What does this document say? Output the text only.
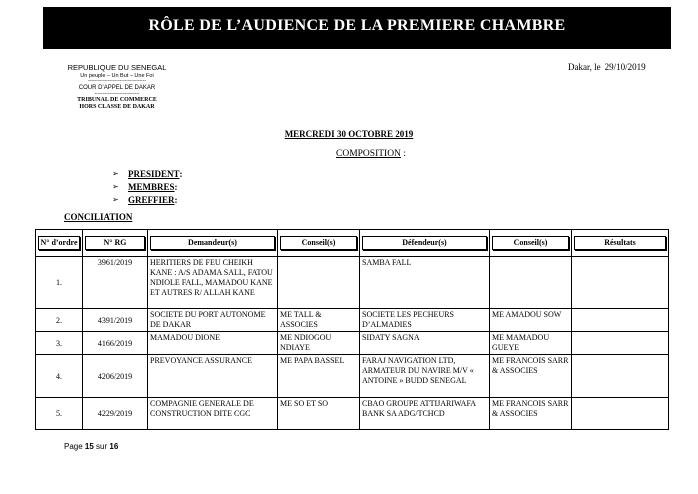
RÔLE DE L’AUDIENCE DE LA PREMIERE CHAMBRE
REPUBLIQUE DU SENEGAL
Un peuple – Un But – Une Foi
-----------------------------------
COUR D’APPEL DE DAKAR
---------------------------
TRIBUNAL DE COMMERCE
HORS CLASSE DE DAKAR
Dakar, le 29/10/2019
MERCREDI 30 OCTOBRE 2019
COMPOSITION :
➢	PRESIDENT :
➢	MEMBRES :
➢	GREFFIER :
CONCILIATION
N° d’ordre	N° RG	Demandeur(s)	Conseil(s)	Défendeur(s)	Conseil(s)	Résultats

1.	3961/2019	HERITIERS DE FEU CHEIKH KANE : A/S ADAMA SALL, FATOU NDIOLE FALL, MAMADOU KANE ET AUTRES R/ ALLAH KANE		SAMBA FALL		

2.	4391/2019	SOCIETE DU PORT AUTONOME DE DAKAR	ME TALL & ASSOCIES	SOCIETE LES PECHEURS D’ALMADIES	ME AMADOU SOW	

3.	4166/2019	MAMADOU DIONE	ME NDIOGOU NDIAYE	SIDATY SAGNA	ME MAMADOU GUEYE	

4.	4206/2019	PREVOYANCE ASSURANCE	ME PAPA BASSEL	FARAJ NAVIGATION LTD, ARMATEUR DU NAVIRE M/V « ANTOINE » BUDD SENEGAL	ME FRANCOIS SARR & ASSOCIES	

5.	4229/2019	COMPAGNIE GENERALE DE CONSTRUCTION DITE CGC	ME SO ET SO	CBAO GROUPE ATTIJARIWAFA BANK SA ADG/TCHCD	ME FRANCOIS SARR & ASSOCIES	

Page 15 sur 16
